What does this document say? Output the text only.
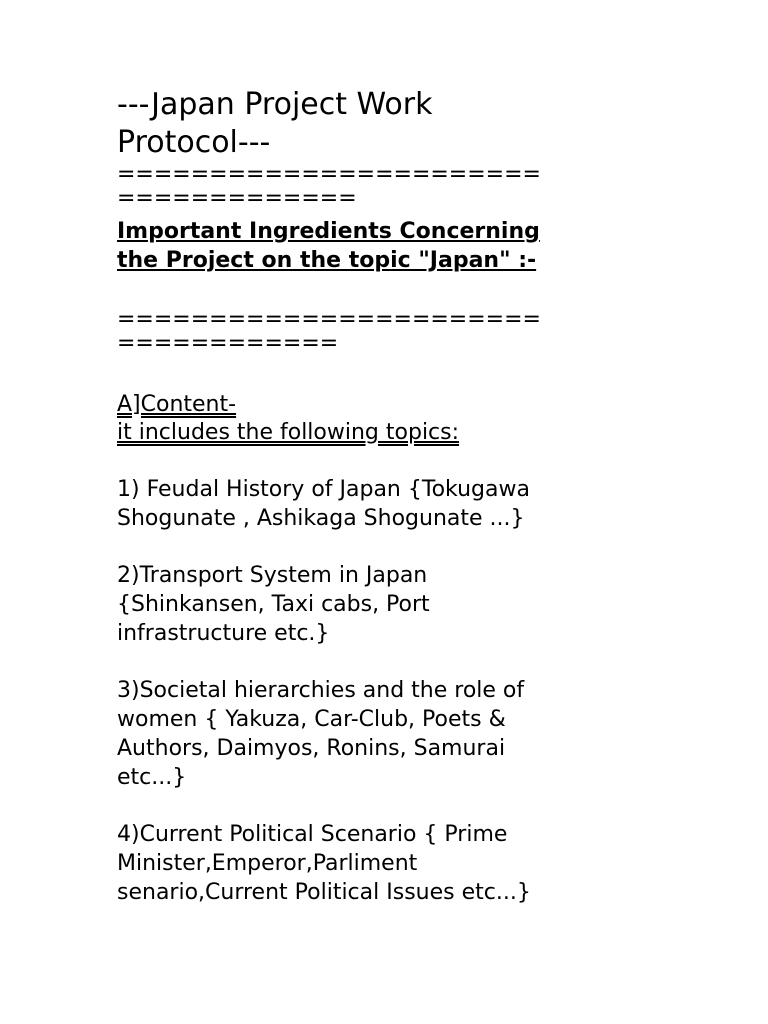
---Japan Project Work
Protocol---
=======================
=============
Important Ingredients Concerning
the Project on the topic "Japan" :-
=======================
============
A]Content-
it includes the following topics:
1) Feudal History of Japan {Tokugawa
Shogunate , Ashikaga Shogunate ...}
2)Transport System in Japan
{Shinkansen, Taxi cabs, Port
infrastructure etc.}
3)Societal hierarchies and the role of
women { Yakuza, Car-Club, Poets &
Authors, Daimyos, Ronins, Samurai
etc...}
4)Current Political Scenario { Prime
Minister,Emperor,Parliment
senario,Current Political Issues etc...}
